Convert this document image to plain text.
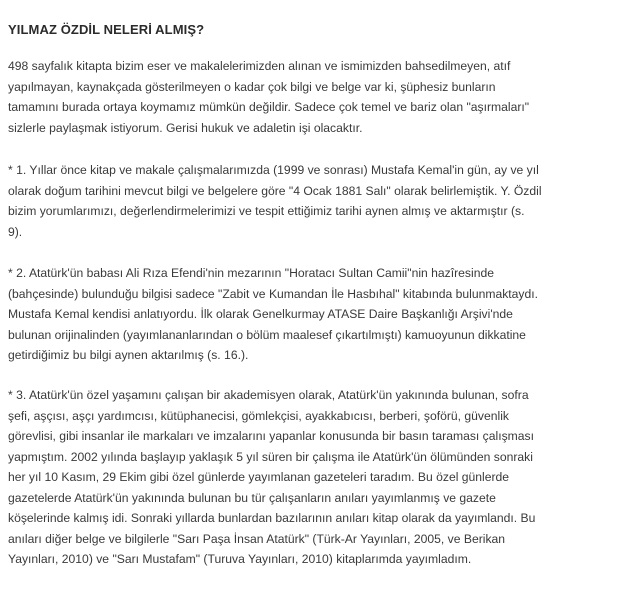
YILMAZ ÖZDİL NELERİ ALMIŞ?

498 sayfalık kitapta bizim eser ve makalelerimizden alınan ve ismimizden bahsedilmeyen, atıf
yapılmayan, kaynakçada gösterilmeyen o kadar çok bilgi ve belge var ki, şüphesiz bunların
tamamını burada ortaya koymamız mümkün değildir. Sadece çok temel ve bariz olan "aşırmaları"
sizlerle paylaşmak istiyorum. Gerisi hukuk ve adaletin işi olacaktır.

* 1. Yıllar önce kitap ve makale çalışmalarımızda (1999 ve sonrası) Mustafa Kemal'in gün, ay ve yıl
olarak doğum tarihini mevcut bilgi ve belgelere göre "4 Ocak 1881 Salı" olarak belirlemiştik. Y. Özdil
bizim yorumlarımızı, değerlendirmelerimizi ve tespit ettiğimiz tarihi aynen almış ve aktarmıştır (s.
9).

* 2. Atatürk'ün babası Ali Rıza Efendi'nin mezarının "Horatacı Sultan Camii"nin hazîresinde
(bahçesinde) bulunduğu bilgisi sadece "Zabit ve Kumandan İle Hasbıhal" kitabında bulunmaktaydı.
Mustafa Kemal kendisi anlatıyordu. İlk olarak Genelkurmay ATASE Daire Başkanlığı Arşivi'nde
bulunan orijinalinden (yayımlananlarından o bölüm maalesef çıkartılmıştı) kamuoyunun dikkatine
getirdiğimiz bu bilgi aynen aktarılmış (s. 16.).

* 3. Atatürk'ün özel yaşamını çalışan bir akademisyen olarak, Atatürk'ün yakınında bulunan, sofra
şefi, aşçısı, aşçı yardımcısı, kütüphanecisi, gömlekçisi, ayakkabıcısı, berberi, şoförü, güvenlik
görevlisi, gibi insanlar ile markaları ve imzalarını yapanlar konusunda bir basın taraması çalışması
yapmıştım. 2002 yılında başlayıp yaklaşık 5 yıl süren bir çalışma ile Atatürk'ün ölümünden sonraki
her yıl 10 Kasım, 29 Ekim gibi özel günlerde yayımlanan gazeteleri taradım. Bu özel günlerde
gazetelerde Atatürk'ün yakınında bulunan bu tür çalışanların anıları yayımlanmış ve gazete
köşelerinde kalmış idi. Sonraki yıllarda bunlardan bazılarının anıları kitap olarak da yayımlandı. Bu
anıları diğer belge ve bilgilerle "Sarı Paşa İnsan Atatürk" (Türk-Ar Yayınları, 2005, ve Berikan
Yayınları, 2010) ve "Sarı Mustafam" (Turuva Yayınları, 2010) kitaplarımda yayımladım.
